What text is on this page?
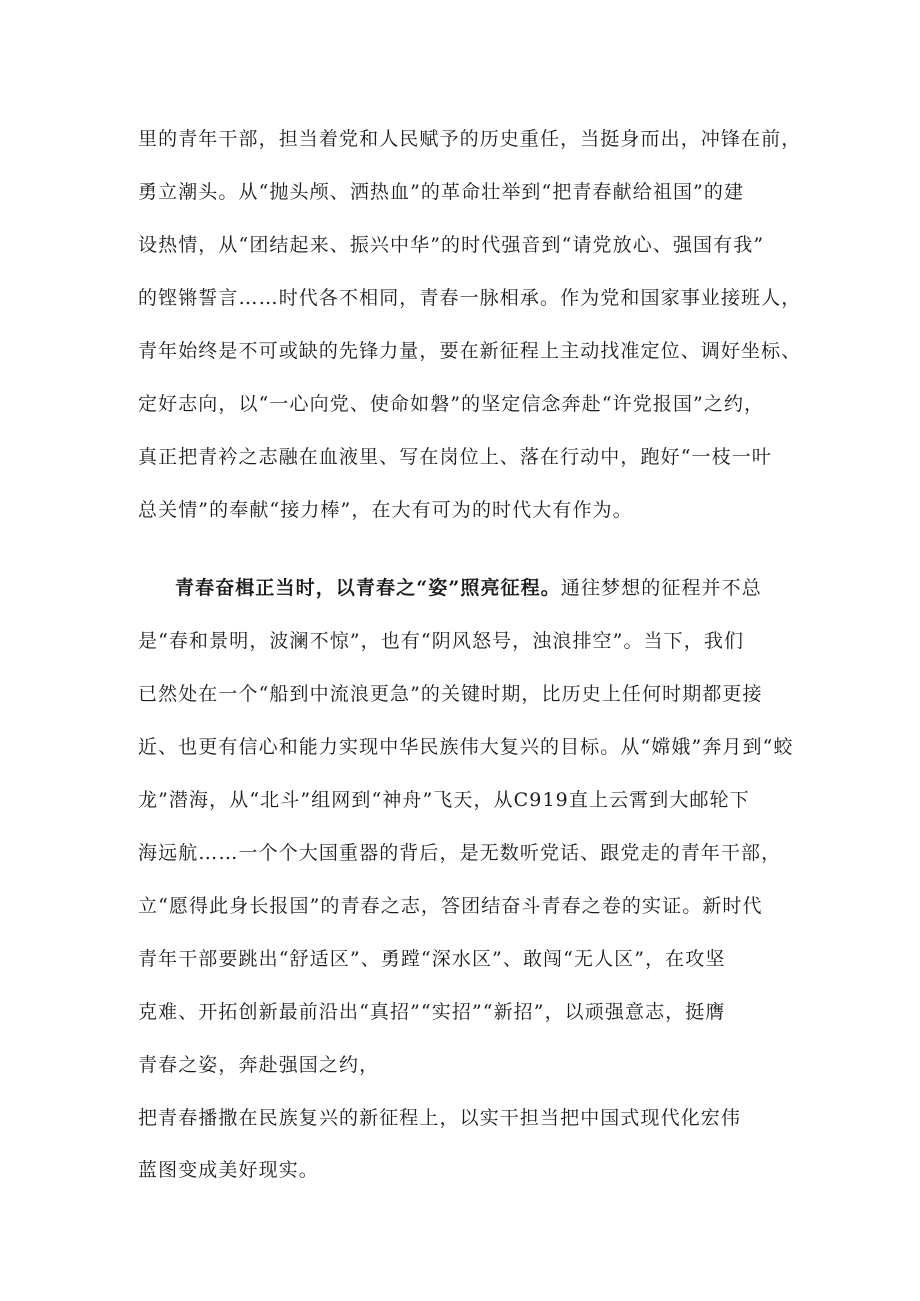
里的青年干部，担当着党和人民赋予的历史重任，当挺身而出，冲锋在前，
勇立潮头。从“抛头颅、洒热血”的革命壮举到“把青春献给祖国”的建
设热情，从“团结起来、振兴中华”的时代强音到“请党放心、强国有我”
的铿锵誓言……时代各不相同，青春一脉相承。作为党和国家事业接班人，
青年始终是不可或缺的先锋力量，要在新征程上主动找准定位、调好坐标、
定好志向，以“一心向党、使命如磐”的坚定信念奔赴“许党报国”之约，
真正把青衿之志融在血液里、写在岗位上、落在行动中，跑好“一枝一叶
总关情”的奉献“接力棒”，在大有可为的时代大有作为。
青春奋楫正当时，以青春之“姿”照亮征程。通往梦想的征程并不总
是“春和景明，波澜不惊”，也有“阴风怒号，浊浪排空”。当下，我们
已然处在一个“船到中流浪更急”的关键时期，比历史上任何时期都更接
近、也更有信心和能力实现中华民族伟大复兴的目标。从“嫦娥”奔月到“蛟
龙”潜海，从“北斗”组网到“神舟”飞天，从C919直上云霄到大邮轮下
海远航……一个个大国重器的背后，是无数听党话、跟党走的青年干部，
立“愿得此身长报国”的青春之志，答团结奋斗青春之卷的实证。新时代
青年干部要跳出“舒适区”、勇蹚“深水区”、敢闯“无人区”，在攻坚
克难、开拓创新最前沿出“真招”“实招”“新招”，以顽强意志，挺膺
青春之姿，奔赴强国之约，
把青春播撒在民族复兴的新征程上，以实干担当把中国式现代化宏伟
蓝图变成美好现实。
